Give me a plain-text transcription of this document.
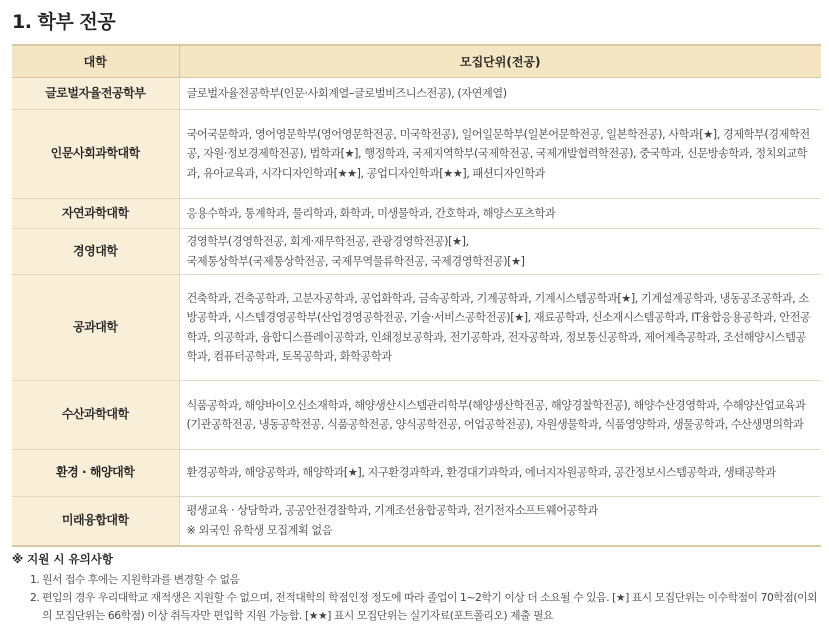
1. 학부 전공
대학	모집단위(전공)
글로벌자율전공학부	글로벌자율전공학부(인문·사회계열–글로벌비즈니스전공), (자연계열)

인문사회과학대학	국어국문학과, 영어영문학부(영어영문학전공, 미국학전공), 일어일문학부(일본어문학전공, 일본학전공), 사학과[★], 경제학부(경제학전공, 자원·정보경제학전공), 법학과[★], 행정학과, 국제지역학부(국제학전공, 국제개발협력학전공), 중국학과, 신문방송학과, 정치외교학과, 유아교육과, 시각디자인학과[★★], 공업디자인학과[★★], 패션디자인학과

자연과학대학	응용수학과, 통계학과, 물리학과, 화학과, 미생물학과, 간호학과, 해양스포츠학과

경영대학	경영학부(경영학전공, 회계·재무학전공, 관광경영학전공)[★],
국제통상학부(국제통상학전공, 국제무역물류학전공, 국제경영학전공)[★]

공과대학	건축학과, 건축공학과, 고분자공학과, 공업화학과, 금속공학과, 기계공학과, 기계시스템공학과[★], 기계설계공학과, 냉동공조공학과, 소방공학과, 시스템경영공학부(산업경영공학전공, 기술·서비스공학전공)[★], 재료공학과, 신소재시스템공학과, IT융합응용공학과, 안전공학과, 의공학과, 융합디스플레이공학과, 인쇄정보공학과, 전기공학과, 전자공학과, 정보통신공학과, 제어계측공학과, 조선해양시스템공학과, 컴퓨터공학과, 토목공학과, 화학공학과

수산과학대학	식품공학과, 해양바이오신소재학과, 해양생산시스템관리학부(해양생산학전공, 해양경찰학전공), 해양수산경영학과, 수해양산업교육과(기관공학전공, 냉동공학전공, 식품공학전공, 양식공학전공, 어업공학전공), 자원생물학과, 식품영양학과, 생물공학과, 수산생명의학과

환경 · 해양대학	환경공학과, 해양공학과, 해양학과[★], 지구환경과학과, 환경대기과학과, 에너지자원공학과, 공간정보시스템공학과, 생태공학과

미래융합대학	평생교육 · 상담학과, 공공안전경찰학과, 기계조선융합공학과, 전기전자소프트웨어공학과
※ 외국인 유학생 모집계획 없음
※ 지원 시 유의사항
1. 원서 접수 후에는 지원학과를 변경할 수 없음
2. 편입의 경우 우리대학교 재적생은 지원할 수 없으며, 전적대학의 학점인정 정도에 따라 졸업이 1~2학기 이상 더 소요될 수 있음. [★] 표시 모집단위는 이수학점이 70학점(이외의 모집단위는 66학점) 이상 취득자만 편입학 지원 가능함. [★★] 표시 모집단위는 실기자료(포트폴리오) 제출 필요
